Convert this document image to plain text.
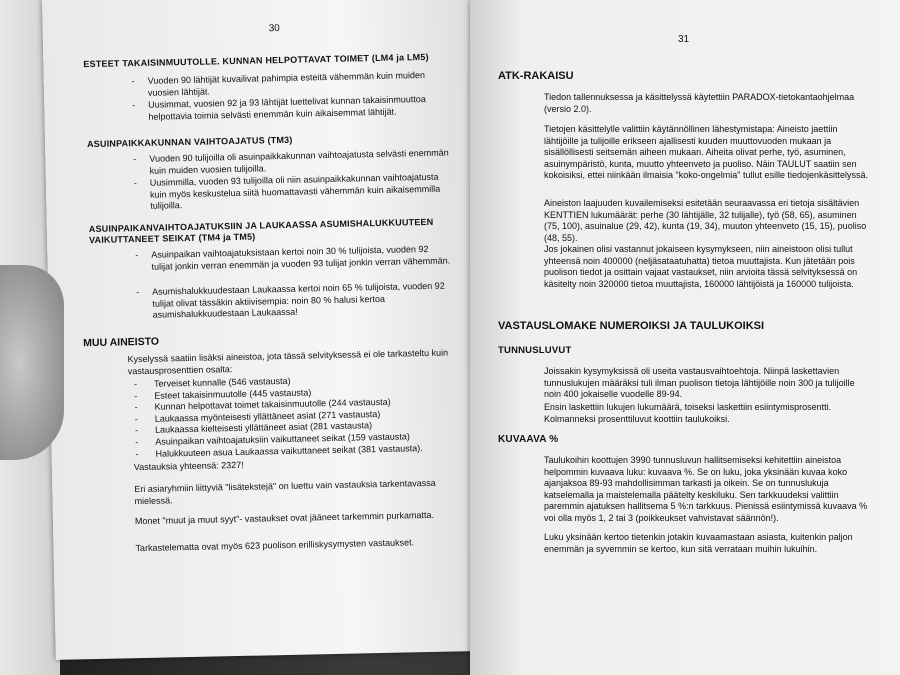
30
ESTEET TAKAISINMUUTOLLE. KUNNAN HELPOTTAVAT TOIMET (LM4 ja LM5)
- Vuoden 90 lähtijät kuvailivat pahimpia esteitä vähemmän kuin muiden vuosien lähtijät.
- Uusimmat, vuosien 92 ja 93 lähtijät luettelivat kunnan takaisinmuuttoa helpottavia toimia selvästi enemmän kuin aikaisemmat lähtijät.
ASUINPAIKKAKUNNAN VAIHTOAJATUS (TM3)
- Vuoden 90 tulijoilla oli asuinpaikkakunnan vaihtoajatusta selvästi enemmän kuin muiden vuosien tulijoilla.
- Uusimmilla, vuoden 93 tulijoilla oli niin asuinpaikkakunnan vaihtoajatusta kuin myös keskustelua siitä huomattavasti vähemmän kuin aikaisemmilla tulijoilla.
ASUINPAIKANVAIHTOAJATUKSIIN JA LAUKAASSA ASUMISHALUKKUUTEEN VAIKUTTANEET SEIKAT (TM4 ja TM5)
- Asuinpaikan vaihtoajatuksistaan kertoi noin 30 % tulijoista, vuoden 92 tulijat jonkin verran enemmän ja vuoden 93 tulijat jonkin verran vähemmän.
- Asumishalukkuudestaan Laukaassa kertoi noin 65 % tulijoista, vuoden 92 tulijat olivat tässäkin aktiivisempia: noin 80 % halusi kertoa asumishalukkuudestaan Laukaassa!
MUU AINEISTO
Kyselyssä saatiin lisäksi aineistoa, jota tässä selvityksessä ei ole tarkasteltu kuin vastausprosenttien osalta:
- Terveiset kunnalle (546 vastausta)
- Esteet takaisinmuutolle (445 vastausta)
- Kunnan helpottavat toimet takaisinmuutolle (244 vastausta)
- Laukaassa myönteisesti yllättäneet asiat (271 vastausta)
- Laukaassa kielteisesti yllättäneet asiat (281 vastausta)
- Asuinpaikan vaihtoajatuksiin vaikuttaneet seikat (159 vastausta)
- Halukkuuteen asua Laukaassa vaikuttaneet seikat (381 vastausta).
Vastauksia yhteensä: 2327!
Eri asiaryhmiin liittyviä "lisätekstejä" on luettu vain vastauksia tarkentavassa mielessä.
Monet "muut ja muut syyt"- vastaukset ovat jääneet tarkemmin purkamatta.
Tarkastelematta ovat myös 623 puolison erilliskysymysten vastaukset.
31
ATK-RAKAISU
Tiedon tallennuksessa ja käsittelyssä käytettiin PARADOX-tietokantaohjelmaa (versio 2.0).
Tietojen käsittelylle valittiin käytännöllinen lähestymistapa: Aineisto jaettiin lähtijöille ja tulijoille erikseen ajallisesti kuuden muuttovuoden mukaan ja sisällöllisesti seitsemän aiheen mukaan. Aiheita olivat perhe, työ, asuminen, asuinympäristö, kunta, muutto yhteenveto ja puoliso. Näin TAULUT saatiin sen kokoisiksi, ettei niinkään ilmaisia "koko-ongelmia" tullut esille tiedojenkäsittelyssä.
Aineiston laajuuden kuvailemiseksi esitetään seuraavassa eri tietoja sisältävien KENTTIEN lukumäärät: perhe (30 lähtijälle, 32 tulijalle), työ (58, 65), asuminen (75, 100), asuinalue (29, 42), kunta (19, 34), muuton yhteenveto (15, 15), puoliso (48, 55).
Jos jokainen olisi vastannut jokaiseen kysymykseen, niin aineistoon olisi tullut yhteensä noin 400000 (neljäsataatuhatta) tietoa muuttajista. Kun jätetään pois puolison tiedot ja osittain vajaat vastaukset, niin arvioita tässä selvityksessä on käsitelty noin 320000 tietoa muuttajista, 160000 lähtijöistä ja 160000 tulijoista.
VASTAUSLOMAKE NUMEROIKSI JA TAULUKOIKSI
TUNNUSLUVUT
Joissakin kysymyksissä oli useita vastausvaihtoehtoja. Niinpä laskettavien tunnuslukujen määräksi tuli ilman puolison tietoja lähtijöille noin 300 ja tulijoille noin 400 jokaiselle vuodelle 89-94.
Ensin laskettiin lukujen lukumäärä, toiseksi laskettiin esiintymisprosentti. Kolmanneksi prosenttiluvut koottiin taulukoiksi.
KUVAAVA %
Taulukoihin koottujen 3990 tunnusluvun hallitsemiseksi kehitettiin aineistoa helpommin kuvaava luku: kuvaava %. Se on luku, joka yksinään kuvaa koko ajanjaksoa 89-93 mahdollisimman tarkasti ja oikein. Se on tunnuslukuja katselemalla ja maistelemalla päätelty keskiluku. Sen tarkkuudeksi valittiin paremmin ajatuksen hallitsema 5 %:n tarkkuus. Pienissä esiintymissä kuvaava % voi olla myös 1, 2 tai 3 (poikkeukset vahvistavat säännön!).
Luku yksinään kertoo tietenkin jotakin kuvaamastaan asiasta, kuitenkin paljon enemmän ja syvemmin se kertoo, kun sitä verrataan muihin lukuihin.
